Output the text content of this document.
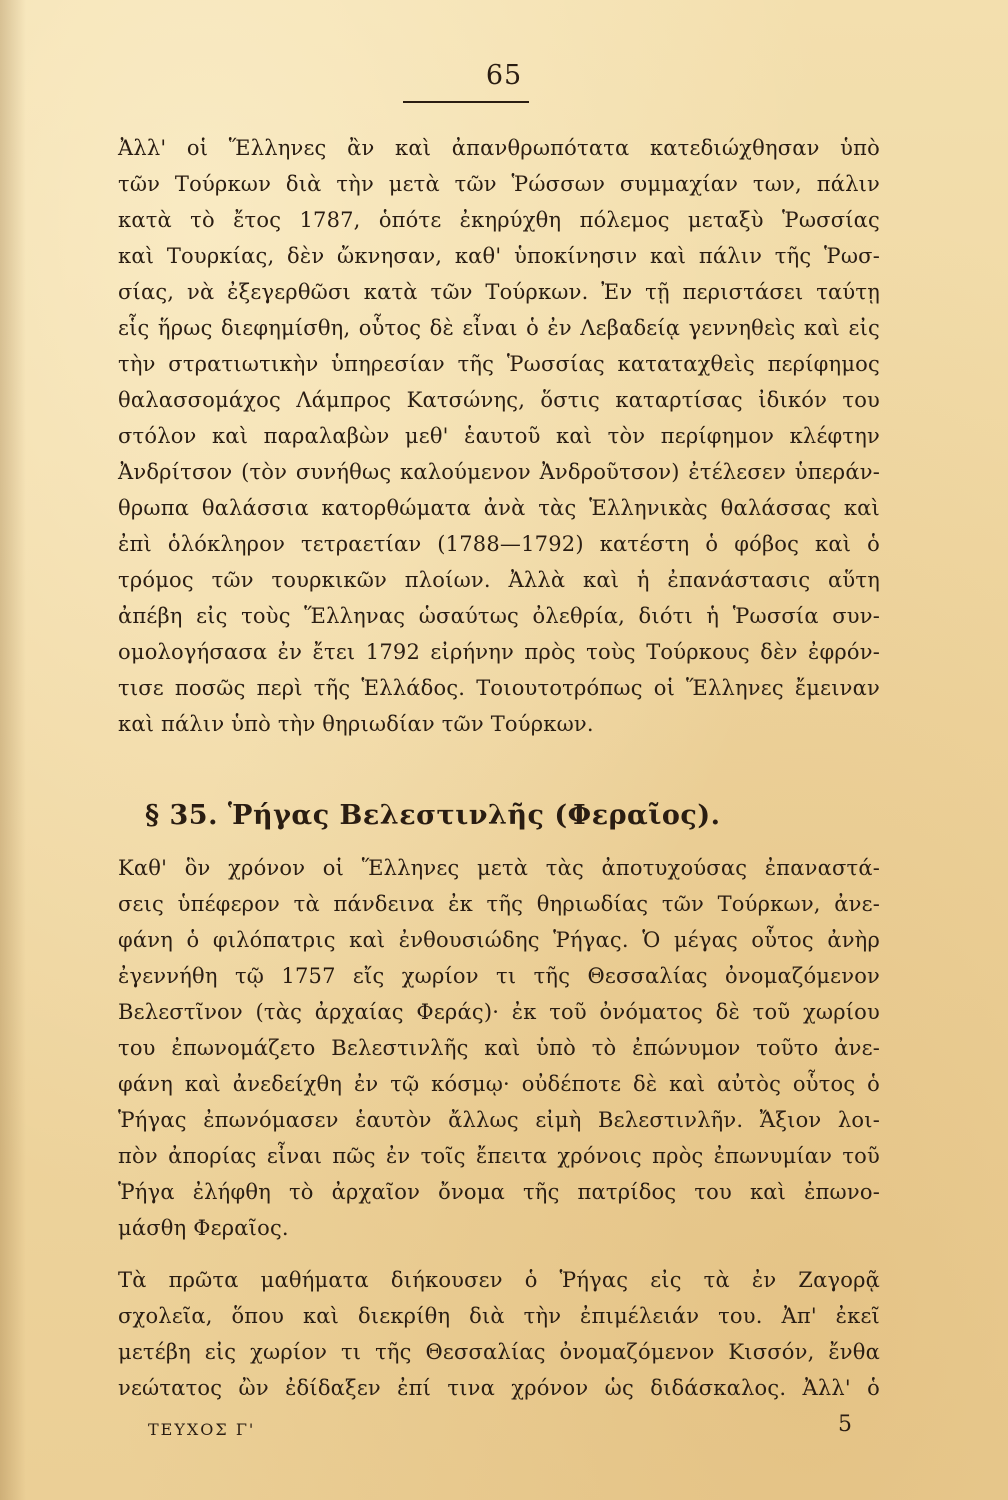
65
Ἀλλ' οἱ Ἕλληνες ἂν καὶ ἀπανθρωπότατα κατεδιώχθησαν ὑπὸ
τῶν Τούρκων διὰ τὴν μετὰ τῶν Ῥώσσων συμμαχίαν των, πάλιν
κατὰ τὸ ἔτος 1787, ὁπότε ἐκηρύχθη πόλεμος μεταξὺ Ῥωσσίας
καὶ Τουρκίας, δὲν ὤκνησαν, καθ' ὑποκίνησιν καὶ πάλιν τῆς Ῥωσ-
σίας, νὰ ἐξεγερθῶσι κατὰ τῶν Τούρκων. Ἐν τῇ περιστάσει ταύτῃ
εἷς ἥρως διεφημίσθη, οὗτος δὲ εἶναι ὁ ἐν Λεβαδείᾳ γεννηθεὶς καὶ εἰς
τὴν στρατιωτικὴν ὑπηρεσίαν τῆς Ῥωσσίας καταταχθεὶς περίφημος
θαλασσομάχος Λάμπρος Κατσώνης, ὅστις καταρτίσας ἰδικόν του
στόλον καὶ παραλαβὼν μεθ' ἑαυτοῦ καὶ τὸν περίφημον κλέφτην
Ἀνδρίτσον (τὸν συνήθως καλούμενον Ἀνδροῦτσον) ἐτέλεσεν ὑπεράν-
θρωπα θαλάσσια κατορθώματα ἀνὰ τὰς Ἑλληνικὰς θαλάσσας καὶ
ἐπὶ ὁλόκληρον τετραετίαν (1788—1792) κατέστη ὁ φόβος καὶ ὁ
τρόμος τῶν τουρκικῶν πλοίων. Ἀλλὰ καὶ ἡ ἐπανάστασις αὕτη
ἀπέβη εἰς τοὺς Ἕλληνας ὡσαύτως ὀλεθρία, διότι ἡ Ῥωσσία συν-
ομολογήσασα ἐν ἔτει 1792 εἰρήνην πρὸς τοὺς Τούρκους δὲν ἐφρόν-
τισε ποσῶς περὶ τῆς Ἑλλάδος. Τοιουτοτρόπως οἱ Ἕλληνες ἔμειναν
καὶ πάλιν ὑπὸ τὴν θηριωδίαν τῶν Τούρκων.
§ 35. Ῥήγας Βελεστινλῆς (Φεραῖος).
Καθ' ὃν χρόνον οἱ Ἕλληνες μετὰ τὰς ἀποτυχούσας ἐπαναστά-
σεις ὑπέφερον τὰ πάνδεινα ἐκ τῆς θηριωδίας τῶν Τούρκων, ἀνε-
φάνη ὁ φιλόπατρις καὶ ἐνθουσιώδης Ῥήγας. Ὁ μέγας οὗτος ἀνὴρ
ἐγεννήθη τῷ 1757 εἴς χωρίον τι τῆς Θεσσαλίας ὀνομαζόμενον
Βελεστῖνον (τὰς ἀρχαίας Φεράς)· ἐκ τοῦ ὀνόματος δὲ τοῦ χωρίου
του ἐπωνομάζετο Βελεστινλῆς καὶ ὑπὸ τὸ ἐπώνυμον τοῦτο ἀνε-
φάνη καὶ ἀνεδείχθη ἐν τῷ κόσμῳ· οὐδέποτε δὲ καὶ αὐτὸς οὗτος ὁ
Ῥήγας ἐπωνόμασεν ἑαυτὸν ἄλλως εἰμὴ Βελεστινλῆν. Ἄξιον λοι-
πὸν ἀπορίας εἶναι πῶς ἐν τοῖς ἔπειτα χρόνοις πρὸς ἐπωνυμίαν τοῦ
Ῥήγα ἐλήφθη τὸ ἀρχαῖον ὄνομα τῆς πατρίδος του καὶ ἐπωνο-
μάσθη Φεραῖος.
Τὰ πρῶτα μαθήματα διήκουσεν ὁ Ῥήγας εἰς τὰ ἐν Ζαγορᾷ
σχολεῖα, ὅπου καὶ διεκρίθη διὰ τὴν ἐπιμέλειάν του. Ἀπ' ἐκεῖ
μετέβη εἰς χωρίον τι τῆς Θεσσαλίας ὀνομαζόμενον Κισσόν, ἔνθα
νεώτατος ὢν ἐδίδαξεν ἐπί τινα χρόνον ὡς διδάσκαλος. Ἀλλ' ὁ
ΤΕΥΧΟΣ Γ'	5
